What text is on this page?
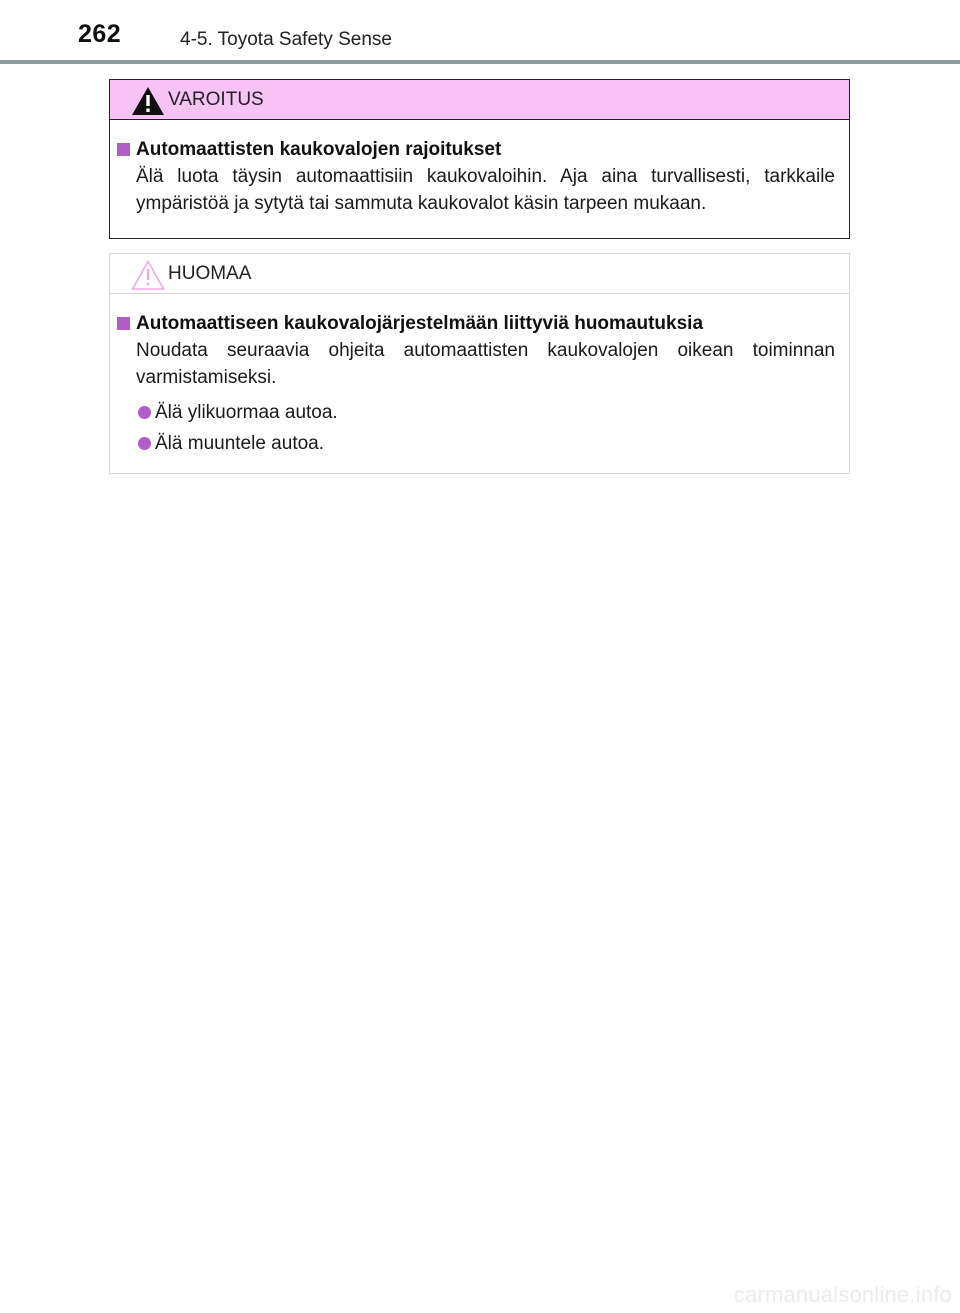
262	4-5. Toyota Safety Sense
VAROITUS
Automaattisten kaukovalojen rajoitukset

Älä luota täysin automaattisiin kaukovaloihin. Aja aina turvallisesti, tarkkaile ympäristöä ja sytytä tai sammuta kaukovalot käsin tarpeen mukaan.

HUOMAA
Automaattiseen kaukovalojärjestelmään liittyviä huomautuksia

Noudata seuraavia ohjeita automaattisten kaukovalojen oikean toiminnan varmistamiseksi.

Älä ylikuormaa autoa.
Älä muuntele autoa.
carmanualsonline.info
